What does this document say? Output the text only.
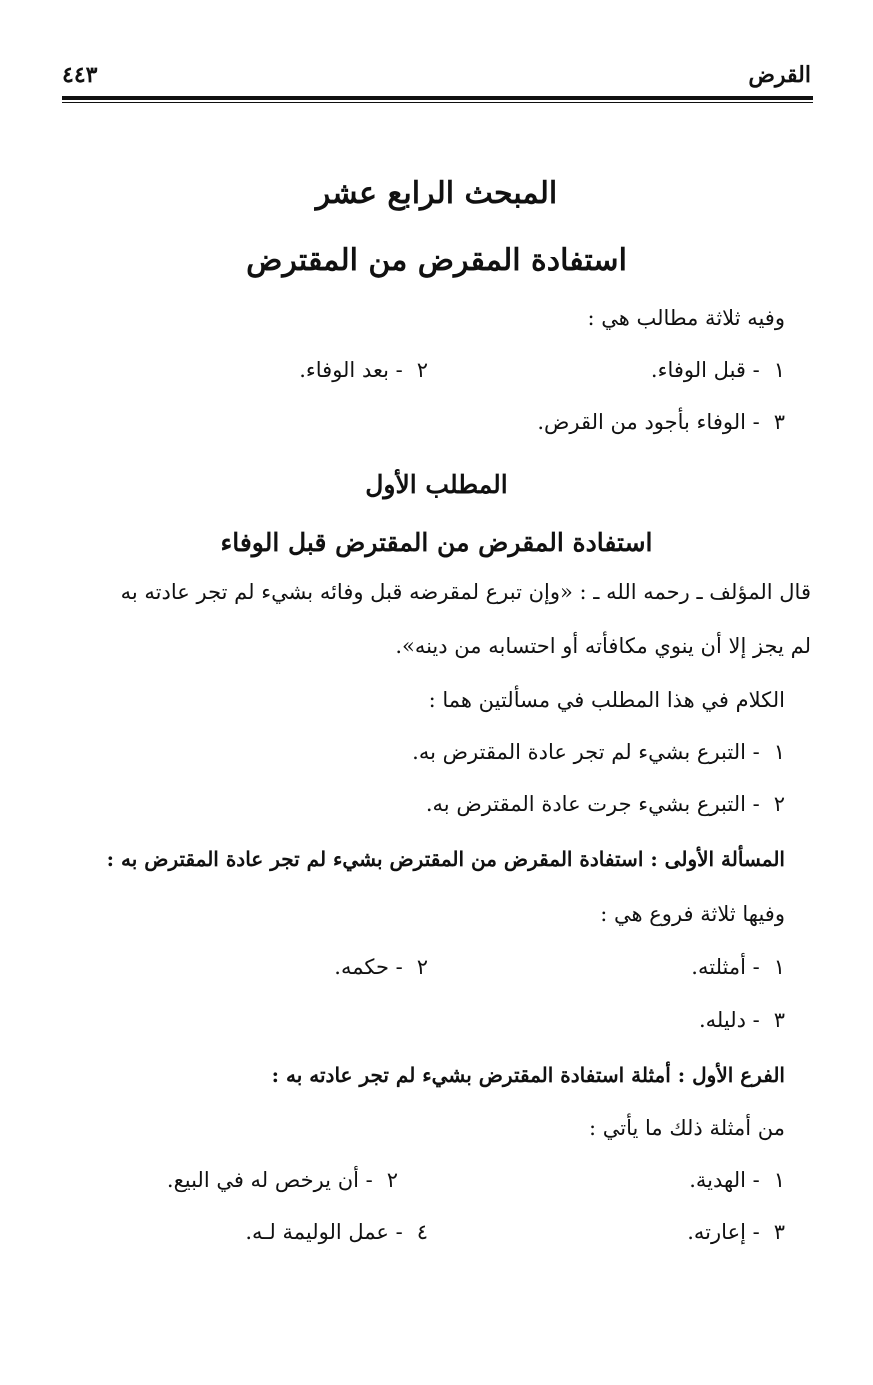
القرض
٤٤٣
المبحث الرابع عشر
استفادة المقرض من المقترض
وفيه ثلاثة مطالب هي :
١
- قبل الوفاء.
٢
- بعد الوفاء.
٣
- الوفاء بأجود من القرض.
المطلب الأول
استفادة المقرض من المقترض قبل الوفاء
قال المؤلف ـ رحمه الله ـ : «وإن تبرع لمقرضه قبل وفائه بشيء لم تجر عادته به
لم يجز إلا أن ينوي مكافأته أو احتسابه من دينه».
الكلام في هذا المطلب في مسألتين هما :
١
- التبرع بشيء لم تجر عادة المقترض به.
٢
- التبرع بشيء جرت عادة المقترض به.
المسألة الأولى : استفادة المقرض من المقترض بشيء لم تجر عادة المقترض به :
وفيها ثلاثة فروع هي :
١
- أمثلته.
٢
- حكمه.
٣
- دليله.
الفرع الأول : أمثلة استفادة المقترض بشيء لم تجر عادته به :
من أمثلة ذلك ما يأتي :
١
- الهدية.
٢
- أن يرخص له في البيع.
٣
- إعارته.
٤
- عمل الوليمة لـه.
